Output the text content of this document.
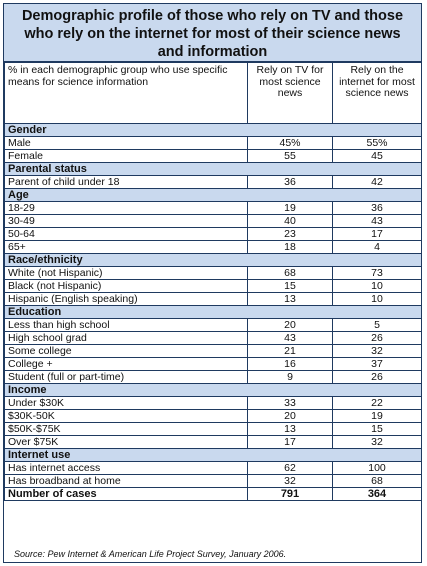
Demographic profile of those who rely on TV and those
who rely on the internet for most of their science news
and information
% in each demographic group who use specific means for science information	Rely on TV for most science news	Rely on the internet for most science news
Gender		
Male	45%	55%
Female	55	45
Parental status		
Parent of child under 18	36	42
Age		
18-29	19	36
30-49	40	43
50-64	23	17
65+	18	4
Race/ethnicity		
White (not Hispanic)	68	73
Black (not Hispanic)	15	10
Hispanic (English speaking)	13	10
Education		
Less than high school	20	5
High school grad	43	26
Some college	21	32
College +	16	37
Student (full or part-time)	9	26
Income		
Under $30K	33	22
$30K-50K	20	19
$50K-$75K	13	15
Over $75K	17	32
Internet use		
Has internet access	62	100
Has broadband at home	32	68
Number of cases	791	364
Source: Pew Internet & American Life Project Survey, January 2006.
